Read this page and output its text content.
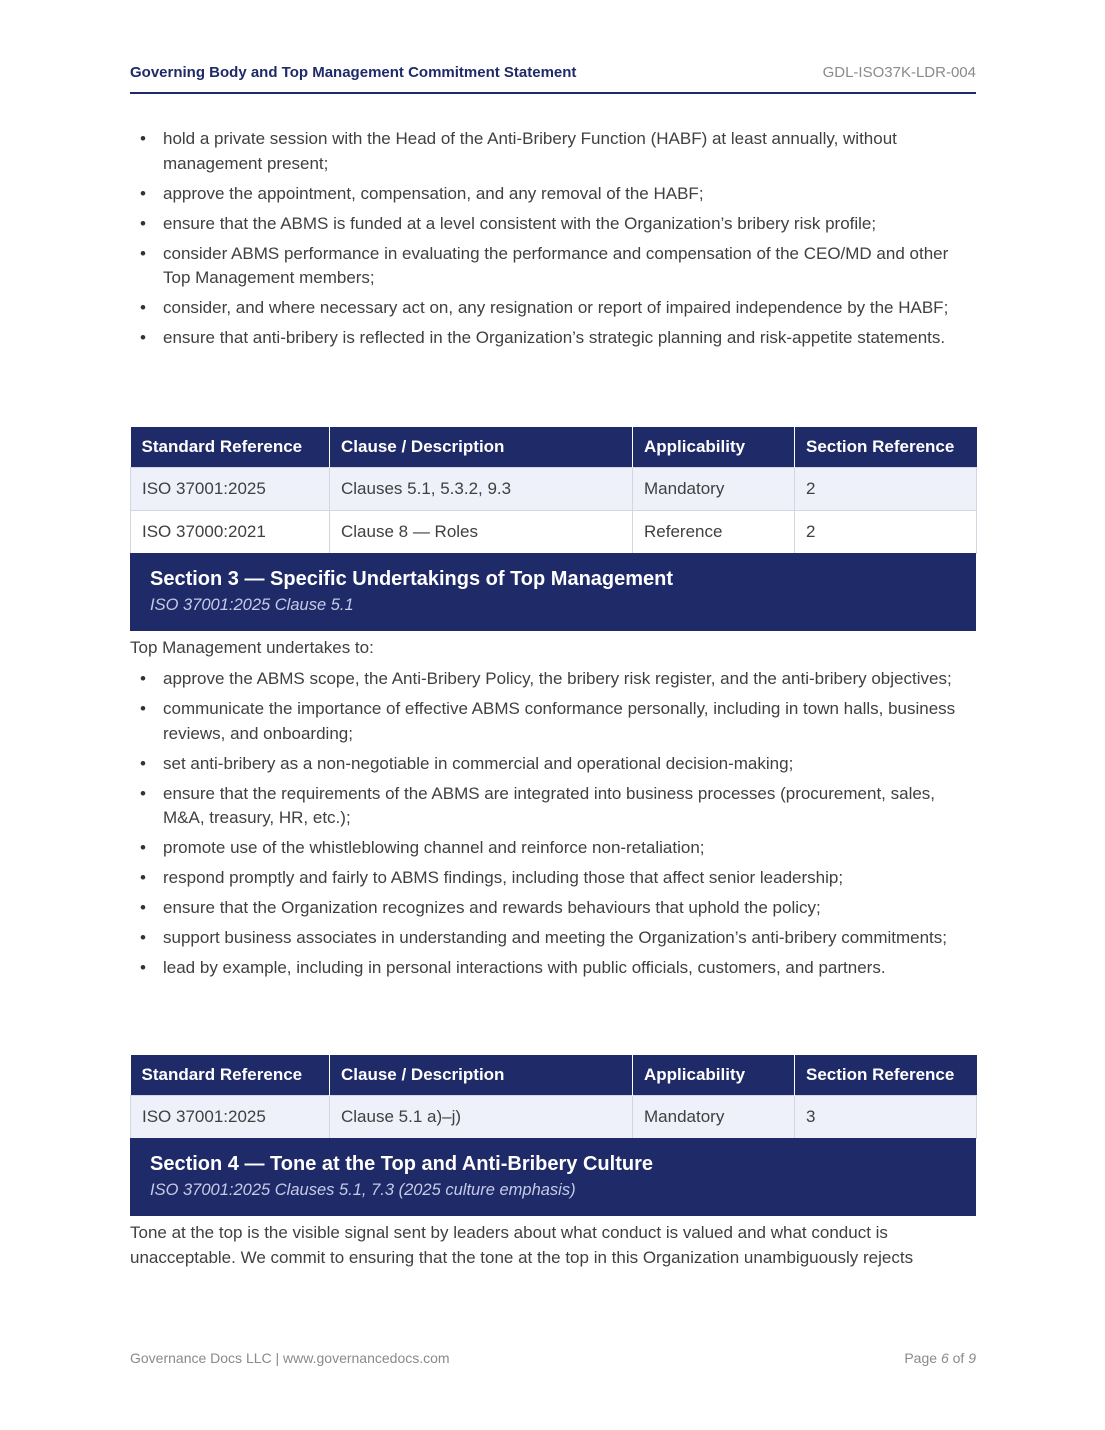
Governing Body and Top Management Commitment Statement	GDL-ISO37K-LDR-004
• hold a private session with the Head of the Anti-Bribery Function (HABF) at least annually, without management present;
• approve the appointment, compensation, and any removal of the HABF;
• ensure that the ABMS is funded at a level consistent with the Organization’s bribery risk profile;
• consider ABMS performance in evaluating the performance and compensation of the CEO/MD and other Top Management members;
• consider, and where necessary act on, any resignation or report of impaired independence by the HABF;
• ensure that anti-bribery is reflected in the Organization’s strategic planning and risk-appetite statements.
Standard Reference	Clause / Description	Applicability	Section Reference
ISO 37001:2025	Clauses 5.1, 5.3.2, 9.3	Mandatory	2
ISO 37000:2021	Clause 8 — Roles	Reference	2
Section 3 — Specific Undertakings of Top Management
ISO 37001:2025 Clause 5.1
Top Management undertakes to:
• approve the ABMS scope, the Anti-Bribery Policy, the bribery risk register, and the anti-bribery objectives;
• communicate the importance of effective ABMS conformance personally, including in town halls, business reviews, and onboarding;
• set anti-bribery as a non-negotiable in commercial and operational decision-making;
• ensure that the requirements of the ABMS are integrated into business processes (procurement, sales, M&A, treasury, HR, etc.);
• promote use of the whistleblowing channel and reinforce non-retaliation;
• respond promptly and fairly to ABMS findings, including those that affect senior leadership;
• ensure that the Organization recognizes and rewards behaviours that uphold the policy;
• support business associates in understanding and meeting the Organization’s anti-bribery commitments;
• lead by example, including in personal interactions with public officials, customers, and partners.
Standard Reference	Clause / Description	Applicability	Section Reference
ISO 37001:2025	Clause 5.1 a)–j)	Mandatory	3
Section 4 — Tone at the Top and Anti-Bribery Culture
ISO 37001:2025 Clauses 5.1, 7.3 (2025 culture emphasis)
Tone at the top is the visible signal sent by leaders about what conduct is valued and what conduct is unacceptable. We commit to ensuring that the tone at the top in this Organization unambiguously rejects
Governance Docs LLC | www.governancedocs.com	Page 6 of 9
